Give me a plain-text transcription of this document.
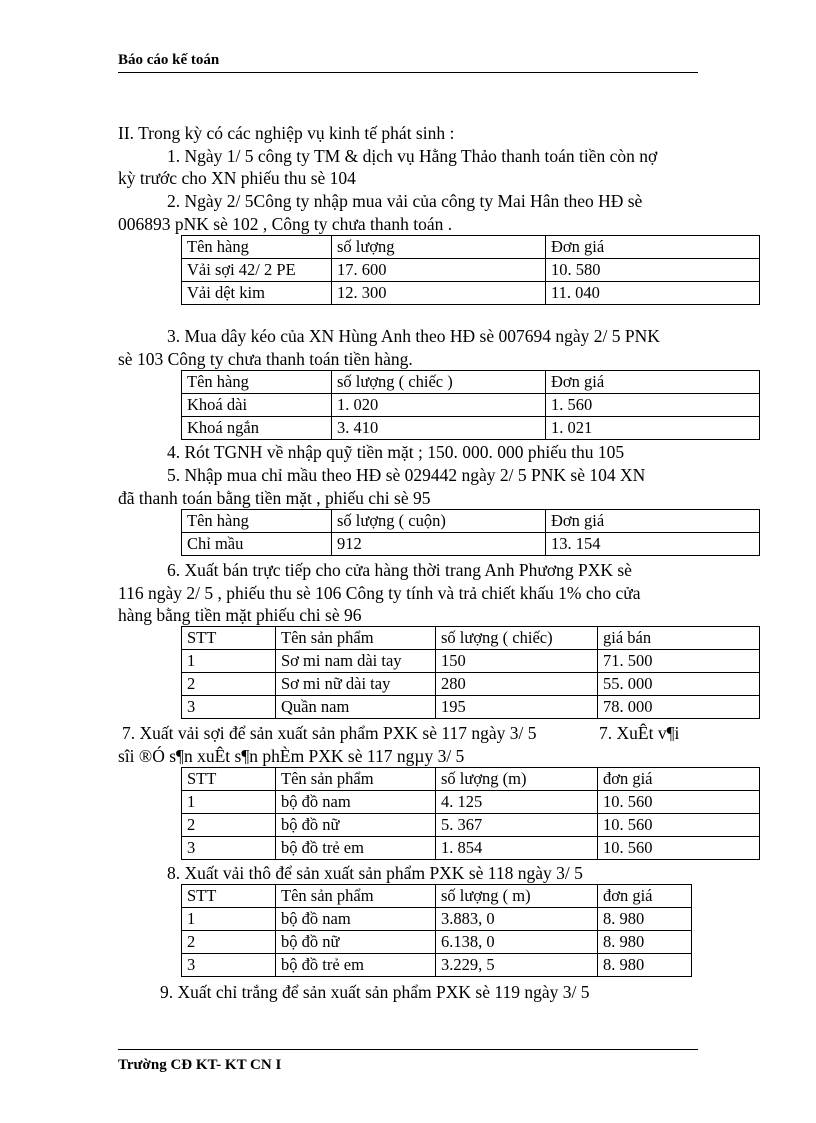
Báo cáo kế toán
II. Trong kỳ có các nghiệp vụ kinh tế phát sinh :
1. Ngày 1/ 5 công ty TM & dịch vụ Hằng Thảo thanh toán tiền còn nợ
kỳ trước cho XN phiếu thu sè 104
2. Ngày 2/ 5Công ty nhập mua vải của công ty Mai Hân theo HĐ sè
006893 pNK sè 102 , Công ty chưa thanh toán .
Tên hàng	số lượng	Đơn giá
Vải sợi 42/ 2 PE	17. 600	10. 580
Vải dệt kim	12. 300	11. 040
3. Mua dây kéo của XN Hùng Anh theo HĐ sè 007694 ngày 2/ 5 PNK
sè 103 Công ty chưa thanh toán tiền hàng.
Tên hàng	số lượng ( chiếc )	Đơn giá
Khoá dài	1. 020	1. 560
Khoá ngắn	3. 410	1. 021
4. Rót TGNH về nhập quỹ tiền mặt ; 150. 000. 000 phiếu thu 105
5. Nhập mua chỉ mầu theo HĐ sè 029442 ngày 2/ 5 PNK sè 104 XN
đã thanh toán bằng tiền mặt , phiếu chi sè 95
Tên hàng	số lượng ( cuộn)	Đơn giá
Chỉ mầu	912	13. 154
6. Xuất bán trực tiếp cho cửa hàng thời trang Anh Phương PXK sè
116 ngày 2/ 5 , phiếu thu sè 106 Công ty tính và trả chiết khấu 1% cho cửa
hàng bằng tiền mặt phiếu chi sè 96
STT	Tên sản phẩm	số lượng ( chiếc)	giá bán
1	Sơ mi nam dài tay	150	71. 500
2	Sơ mi nữ dài tay	280	55. 000
3	Quần nam	195	78. 000
7. Xuất vải sợi để sản xuất sản phẩm PXK sè 117 ngày 3/ 5	7. XuÊt v¶i
sîi ®Ó s¶n xuÊt s¶n phÈm PXK sè 117 ngµy 3/ 5
STT	Tên sản phẩm	số lượng (m)	đơn giá
1	bộ đồ nam	4. 125	10. 560
2	bộ đồ nữ	5. 367	10. 560
3	bộ đồ trẻ em	1. 854	10. 560
8. Xuất vải thô để sản xuất sản phẩm PXK sè 118 ngày 3/ 5
STT	Tên sản phẩm	số lượng ( m)	đơn giá
1	bộ đồ nam	3.883, 0	8. 980
2	bộ đồ nữ	6.138, 0	8. 980
3	bộ đồ trẻ em	3.229, 5	8. 980
9. Xuất chỉ trắng để sản xuất sản phẩm PXK sè 119 ngày 3/ 5
Trường CĐ KT- KT CN I
